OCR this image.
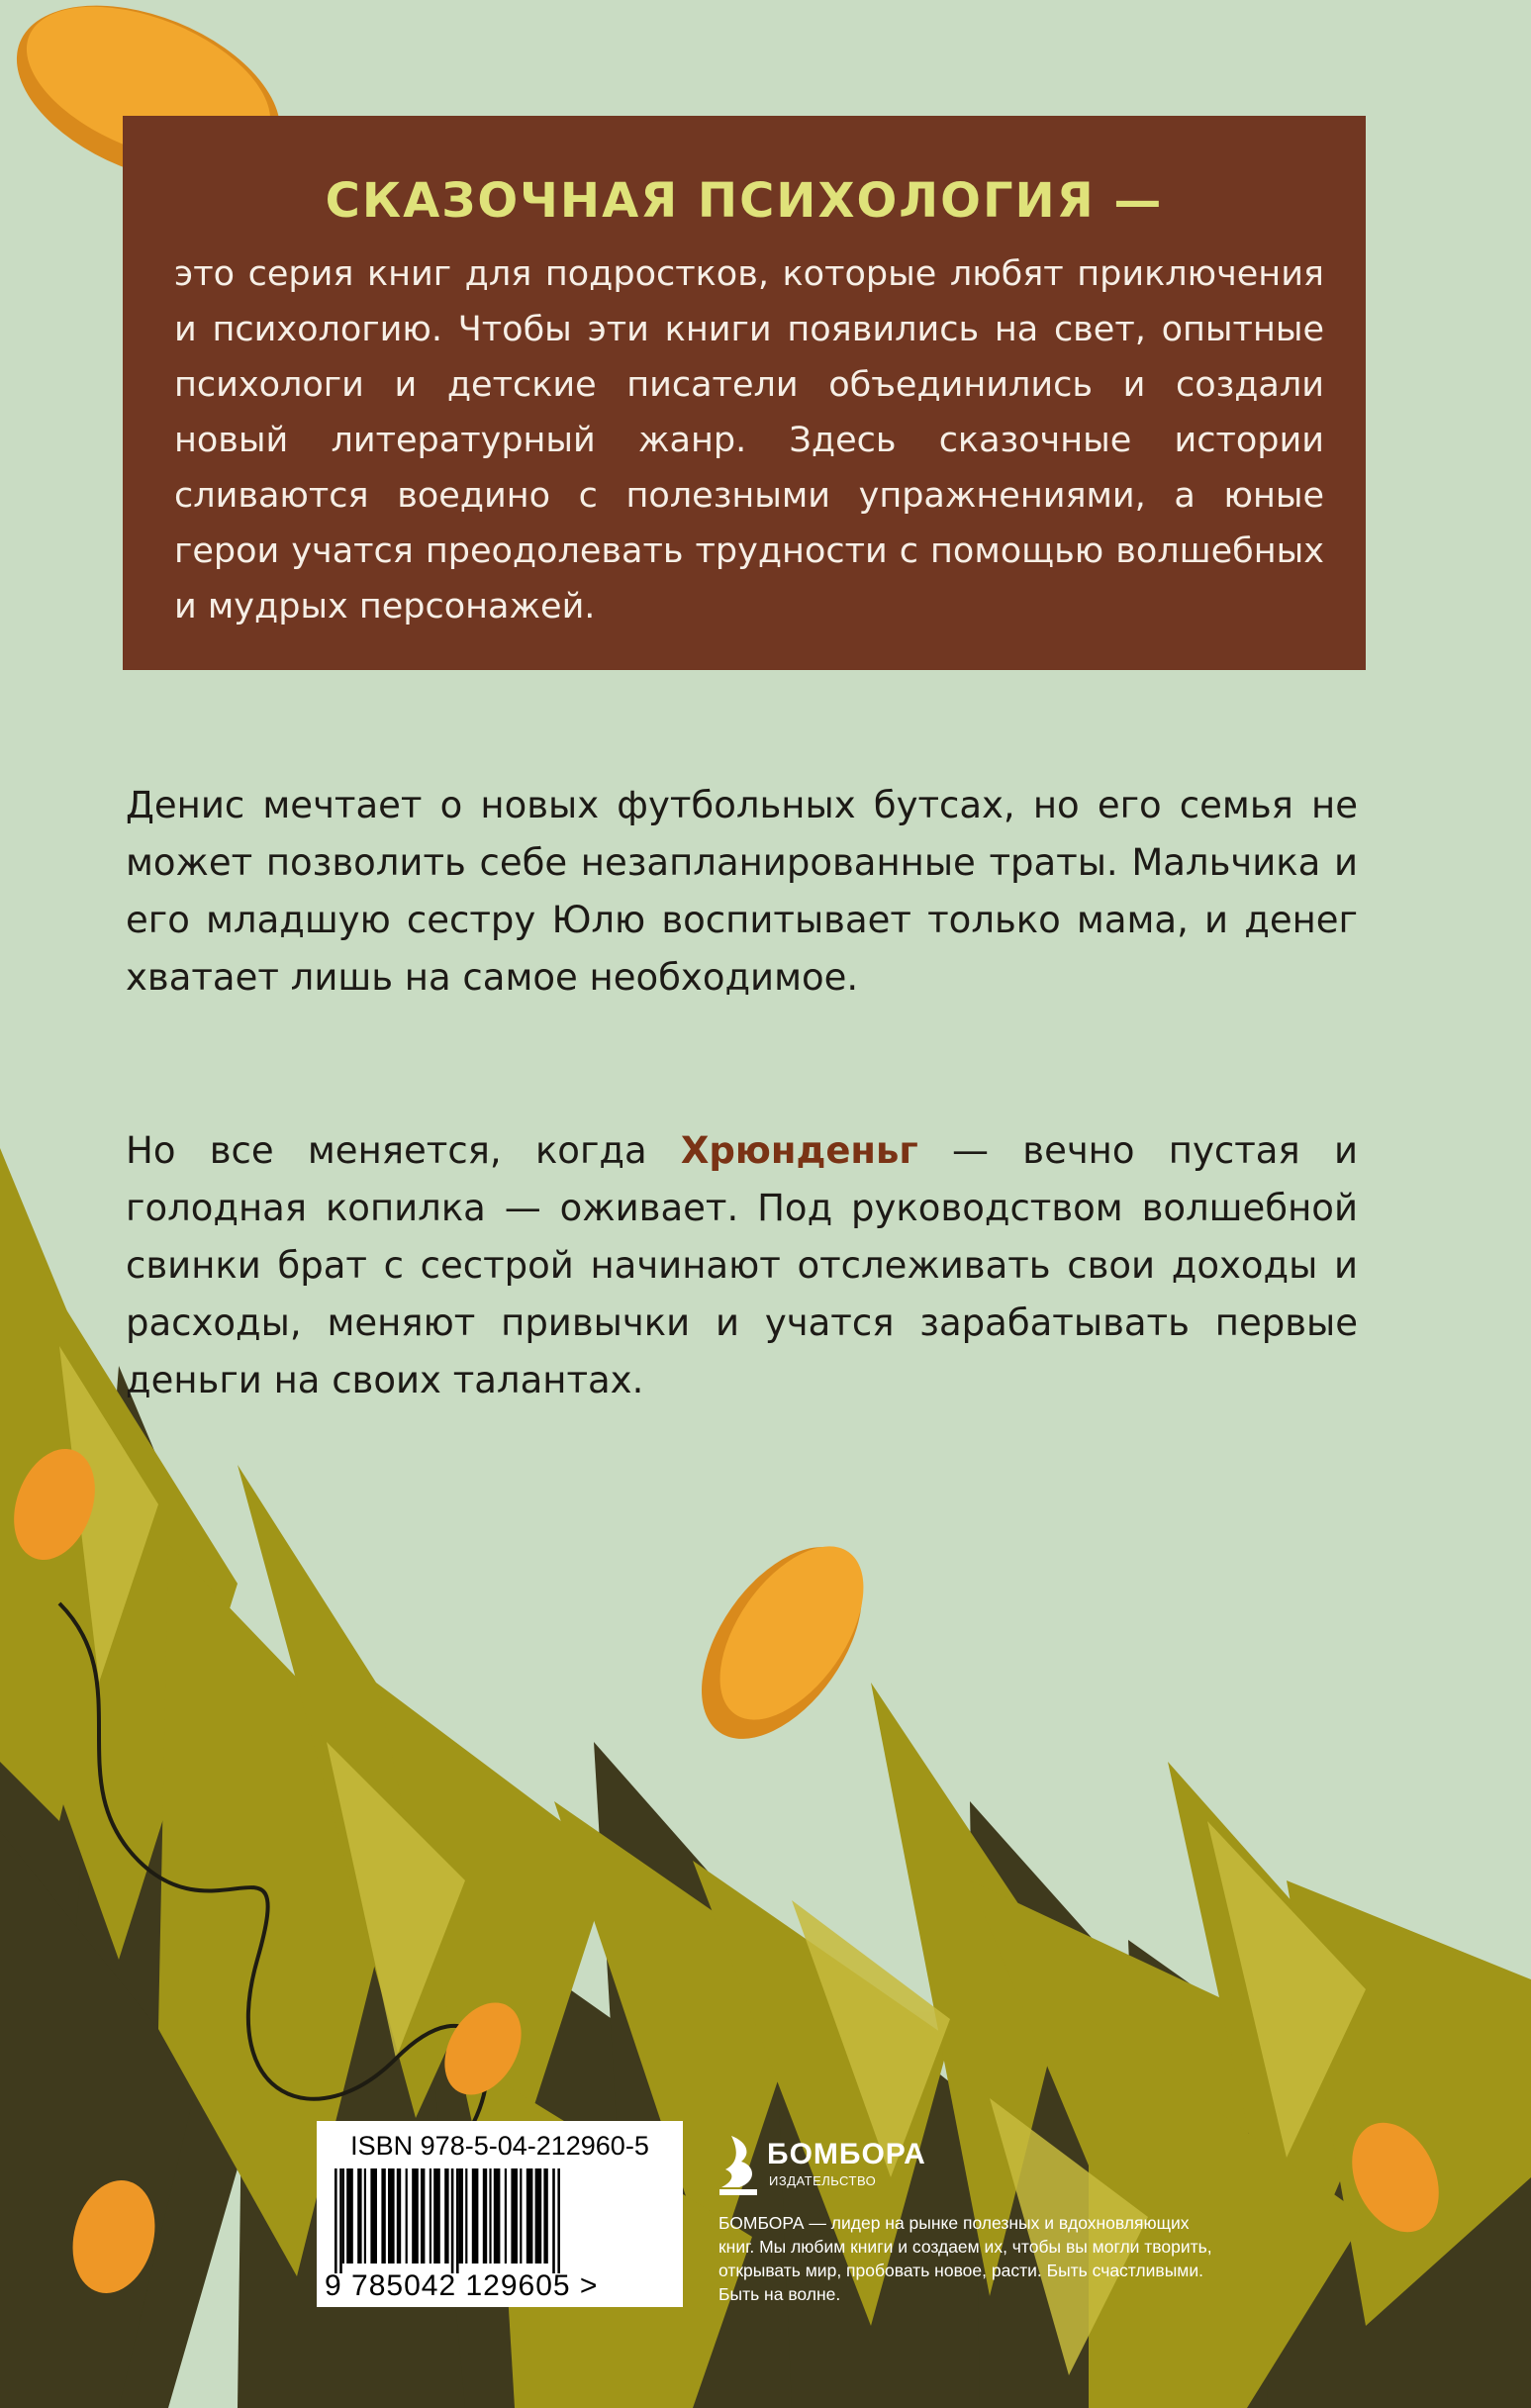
СКАЗОЧНАЯ ПСИХОЛОГИЯ —

это серия книг для подростков, которые любят приключения и психологию. Чтобы эти книги появились на свет, опытные психологи и детские писатели объединились и создали новый литературный жанр. Здесь сказочные истории сливаются воедино с полезными упражнениями, а юные герои учатся преодолевать трудности с помощью волшебных и мудрых персонажей.

Денис мечтает о новых футбольных бутсах, но его семья не может позволить себе незапланированные траты. Мальчика и его младшую сестру Юлю воспитывает только мама, и денег хватает лишь на самое необходимое.

Но все меняется, когда Хрюнденьг — вечно пустая и голодная копилка — оживает. Под руководством волшебной свинки брат с сестрой начинают отслеживать свои доходы и расходы, меняют привычки и учатся зарабатывать первые деньги на своих талантах.

ISBN 978-5-04-212960-5
9 785042 129605 >
БОМБОРА
ИЗДАТЕЛЬСТВО

БОМБОРА — лидер на рынке полезных и вдохновляющих книг. Мы любим книги и создаем их, чтобы вы могли творить, открывать мир, пробовать новое, расти. Быть счастливыми. Быть на волне.
